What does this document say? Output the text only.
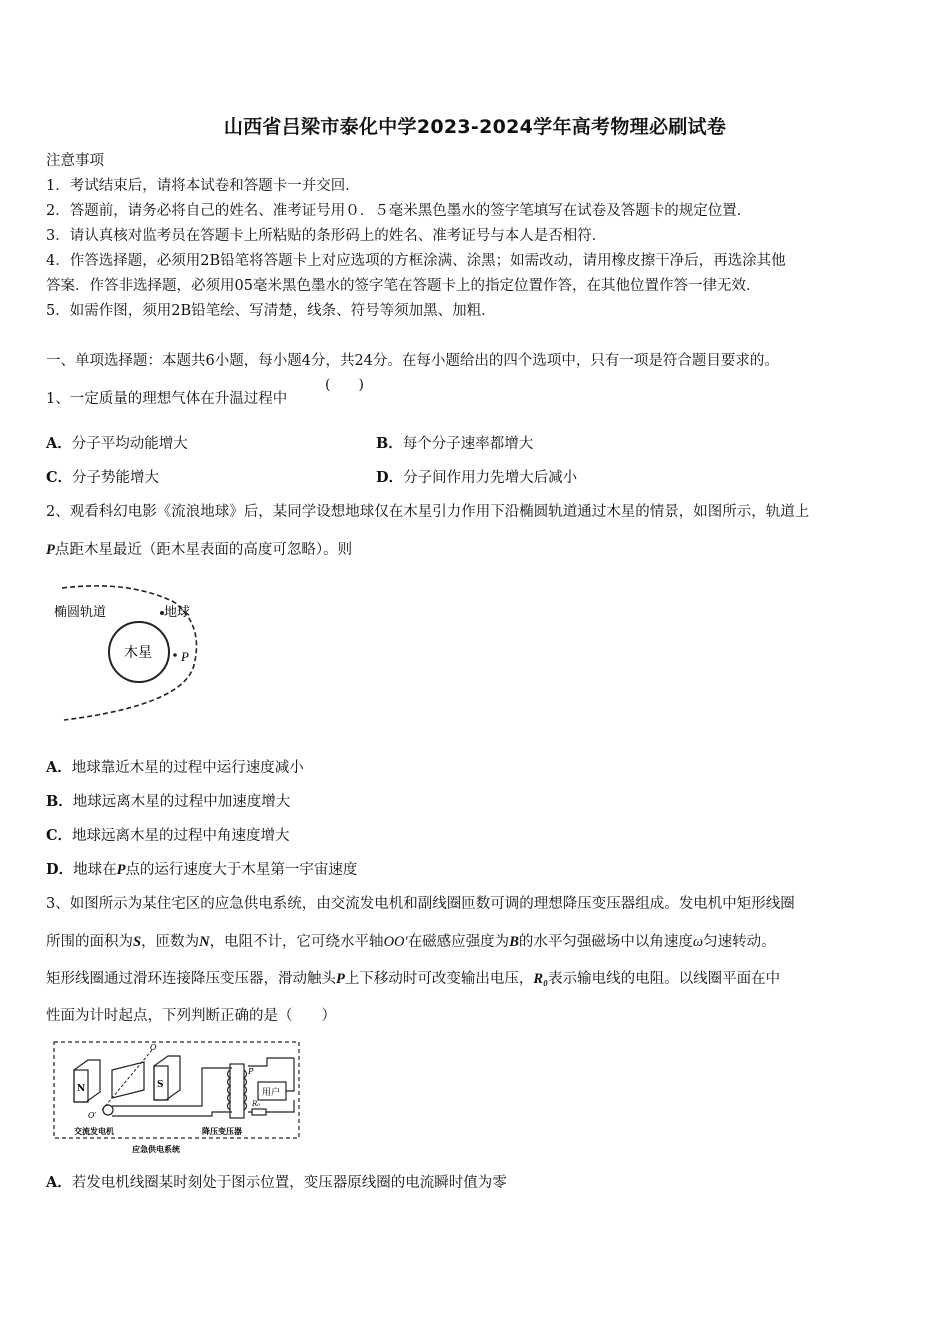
山西省吕梁市泰化中学2023-2024学年高考物理必刷试卷
注意事项
1．考试结束后，请将本试卷和答题卡一并交回．
2．答题前，请务必将自己的姓名、准考证号用０．５毫米黑色墨水的签字笔填写在试卷及答题卡的规定位置．
3．请认真核对监考员在答题卡上所粘贴的条形码上的姓名、准考证号与本人是否相符．
4．作答选择题，必须用2B铅笔将答题卡上对应选项的方框涂满、涂黑；如需改动，请用橡皮擦干净后，再选涂其他
答案．作答非选择题，必须用05毫米黑色墨水的签字笔在答题卡上的指定位置作答，在其他位置作答一律无效．
5．如需作图，须用2B铅笔绘、写清楚，线条、符号等须加黑、加粗．
一、单项选择题：本题共6小题，每小题4分，共24分。在每小题给出的四个选项中，只有一项是符合题目要求的。
1、一定质量的理想气体在升温过程中
(　　)
A．分子平均动能增大	B．每个分子速率都增大
C．分子势能增大	D．分子间作用力先增大后减小
2、观看科幻电影《流浪地球》后，某同学设想地球仅在木星引力作用下沿椭圆轨道通过木星的情景，如图所示，轨道上
P点距木星最近（距木星表面的高度可忽略）。则
木星
椭圆轨道	地球
P
A．地球靠近木星的过程中运行速度减小
B．地球远离木星的过程中加速度增大
C．地球远离木星的过程中角速度增大
D．地球在P点的运行速度大于木星第一宇宙速度
3、如图所示为某住宅区的应急供电系统，由交流发电机和副线圈匝数可调的理想降压变压器组成。发电机中矩形线圈
所围的面积为S，匝数为N，电阻不计，它可绕水平轴OO′在磁感应强度为B的水平匀强磁场中以角速度ω匀速转动。
矩形线圈通过滑环连接降压变压器，滑动触头P上下移动时可改变输出电压，R₀表示输电线的电阻。以线圈平面在中
性面为计时起点，下列判断正确的是（　　）
N	S
O
O′
P
用户
R₀
交流发电机	降压变压器
应急供电系统
A．若发电机线圈某时刻处于图示位置，变压器原线圈的电流瞬时值为零
